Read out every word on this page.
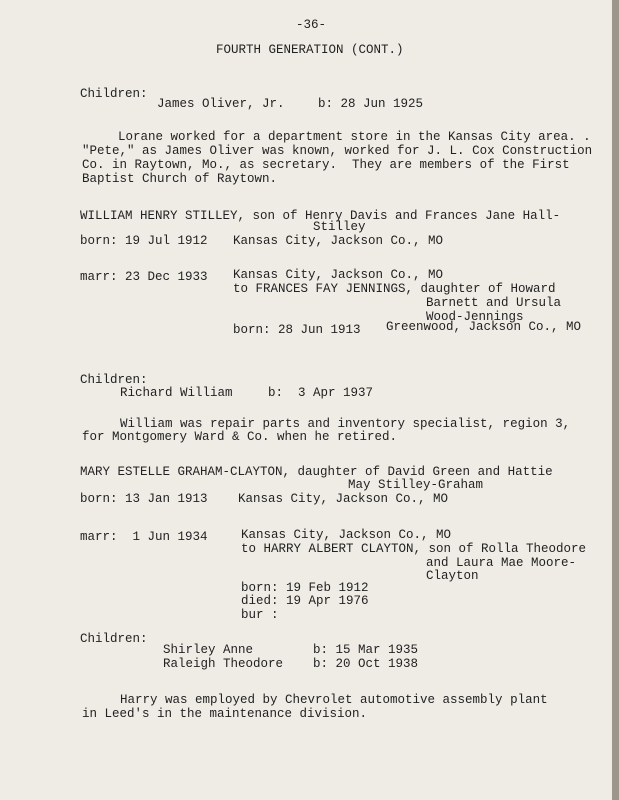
-36-
FOURTH GENERATION (CONT.)
Children:
James Oliver, Jr.	b: 28 Jun 1925
Lorane worked for a department store in the Kansas City area. .
"Pete," as James Oliver was known, worked for J. L. Cox Construction
Co. in Raytown, Mo., as secretary.  They are members of the First
Baptist Church of Raytown.
WILLIAM HENRY STILLEY, son of Henry Davis and Frances Jane Hall-
Stilley
born: 19 Jul 1912 Kansas City, Jackson Co., MO
marr: 23 Dec 1933 Kansas City, Jackson Co., MO
to FRANCES FAY JENNINGS, daughter of Howard
Barnett and Ursula
Wood-Jennings
born: 28 Jun 1913 Greenwood, Jackson Co., MO
Children:
Richard William	b:  3 Apr 1937
William was repair parts and inventory specialist, region 3,
for Montgomery Ward & Co. when he retired.
MARY ESTELLE GRAHAM-CLAYTON, daughter of David Green and Hattie
May Stilley-Graham
born: 13 Jan 1913 Kansas City, Jackson Co., MO
marr:  1 Jun 1934	Kansas City, Jackson Co., MO
to HARRY ALBERT CLAYTON, son of Rolla Theodore
and Laura Mae Moore-
Clayton
born: 19 Feb 1912
died: 19 Apr 1976
bur :
Children:
Shirley Anne	b: 15 Mar 1935
Raleigh Theodore b: 20 Oct 1938
Harry was employed by Chevrolet automotive assembly plant
in Leed's in the maintenance division.
